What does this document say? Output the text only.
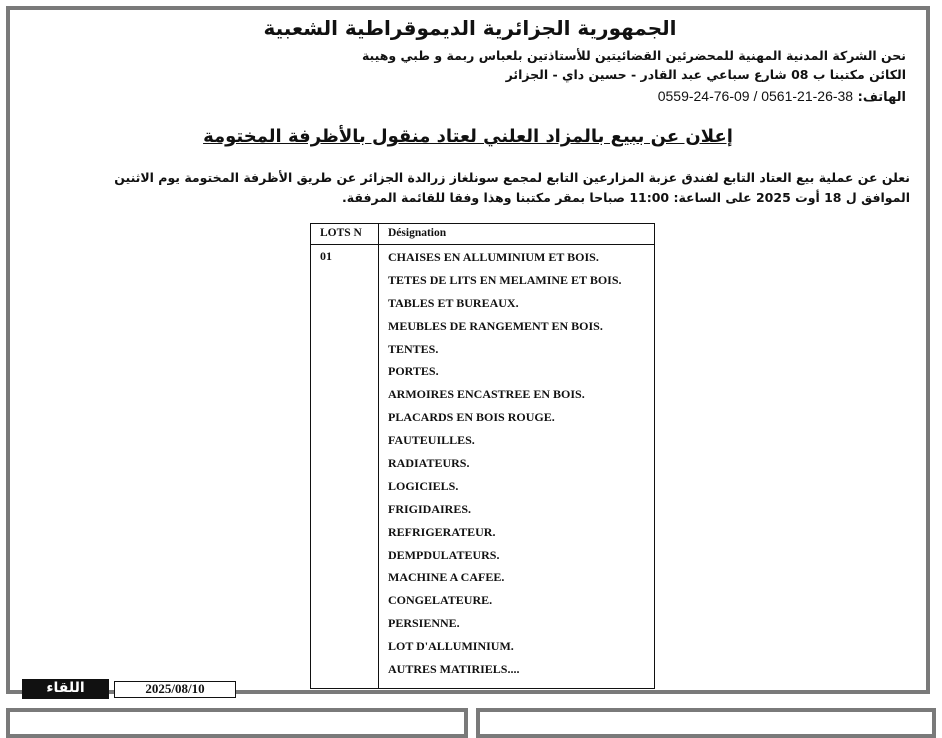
الجمهورية الجزائرية الديموقراطية الشعبية
نحن الشركة المدنية المهنية للمحضرئين القضائيتين للأستاذتين بلعباس ربمة و طبي وهيبة
الكائن مكتبنا ب 08 شارع سباعي عبد القادر - حسين داي - الجزائر
الهاتف: 0559-24-76-09 / 0561-21-26-38
إعلان عن ببيع بالمزاد العلني لعتاد منقول بالأظرفة المختومة
نعلن عن عملية بيع العتاد التابع لفندق عزبة المزارعين التابع لمجمع سونلغاز زرالدة الجزائر عن طريق الأظرفة المختومة يوم الاثنين
الموافق ل 18 أوت 2025 على الساعة: 11:00 صباحا بمقر مكتبنا وهذا وفقا للقائمة المرفقة.
LOTS N Désignation
01	CHAISES EN ALLUMINIUM ET BOIS.
TETES DE LITS EN MELAMINE ET BOIS.
TABLES ET BUREAUX.
MEUBLES DE RANGEMENT EN BOIS.
TENTES.
PORTES.
ARMOIRES ENCASTREE EN BOIS.
PLACARDS EN BOIS ROUGE.
FAUTEUILLES.
RADIATEURS.
LOGICIELS.
FRIGIDAIRES.
REFRIGERATEUR.
DEMPDULATEURS.
MACHINE A CAFEE.
CONGELATEURE.
PERSIENNE.
LOT D'ALLUMINIUM.
AUTRES MATIRIELS....
اللقاء	2025/08/10
